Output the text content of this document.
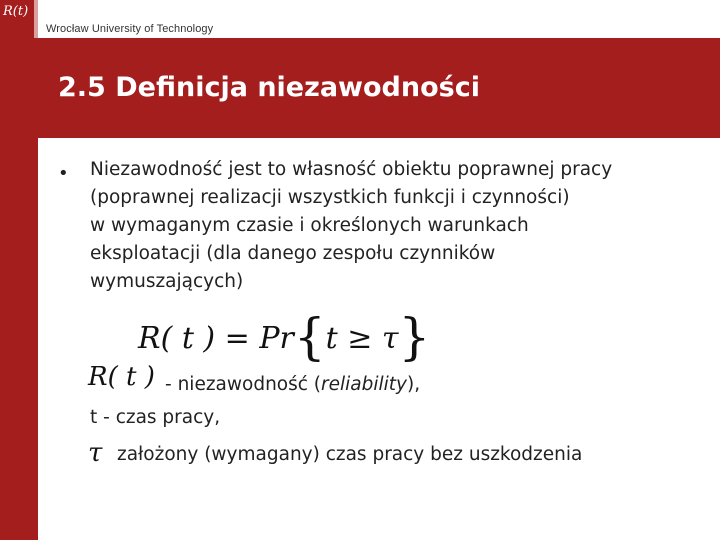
R(t)
Wrocław University of Technology
2.5 Definicja niezawodności
• Niezawodność jest to własność obiektu poprawnej pracy
(poprawnej realizacji wszystkich funkcji i czynności)
w wymaganym czasie i określonych warunkach
eksploatacji (dla danego zespołu czynników
wymuszających)
R( t ) = Pr{t ≥ τ}
R( t ) - niezawodność (reliability),
t - czas pracy,
τ założony (wymagany) czas pracy bez uszkodzenia
